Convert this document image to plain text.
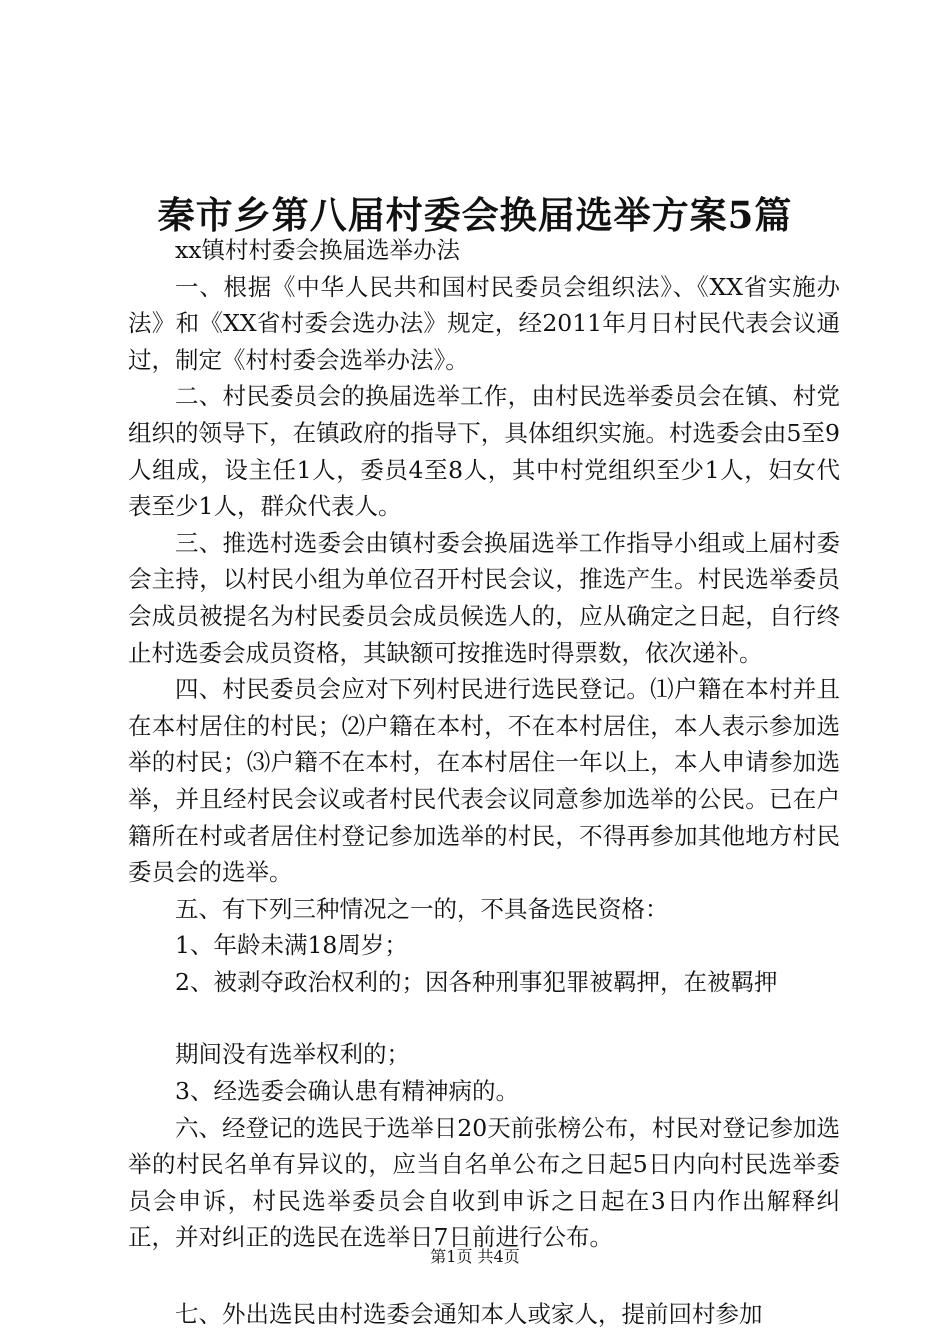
秦市乡第八届村委会换届选举方案5篇

xx镇村村委会换届选举办法

一、根据《中华人民共和国村民委员会组织法》、《XX省实施办法》和《XX省村委会选办法》规定，经2011年月日村民代表会议通过，制定《村村委会选举办法》。

二、村民委员会的换届选举工作，由村民选举委员会在镇、村党组织的领导下，在镇政府的指导下，具体组织实施。村选委会由5至9人组成，设主任1人，委员4至8人，其中村党组织至少1人，妇女代表至少1人，群众代表人。

三、推选村选委会由镇村委会换届选举工作指导小组或上届村委会主持，以村民小组为单位召开村民会议，推选产生。村民选举委员会成员被提名为村民委员会成员候选人的，应从确定之日起，自行终止村选委会成员资格，其缺额可按推选时得票数，依次递补。

四、村民委员会应对下列村民进行选民登记。⑴户籍在本村并且在本村居住的村民；⑵户籍在本村，不在本村居住，本人表示参加选举的村民；⑶户籍不在本村，在本村居住一年以上，本人申请参加选举，并且经村民会议或者村民代表会议同意参加选举的公民。已在户籍所在村或者居住村登记参加选举的村民，不得再参加其他地方村民委员会的选举。

五、有下列三种情况之一的，不具备选民资格：

1、年龄未满18周岁；

2、被剥夺政治权利的；因各种刑事犯罪被羁押，在被羁押

期间没有选举权利的；

3、经选委会确认患有精神病的。

六、经登记的选民于选举日20天前张榜公布，村民对登记参加选举的村民名单有异议的，应当自名单公布之日起5日内向村民选举委员会申诉，村民选举委员会自收到申诉之日起在3日内作出解释纠正，并对纠正的选民在选举日7日前进行公布。

七、外出选民由村选委会通知本人或家人，提前回村参加

第1页 共4页
